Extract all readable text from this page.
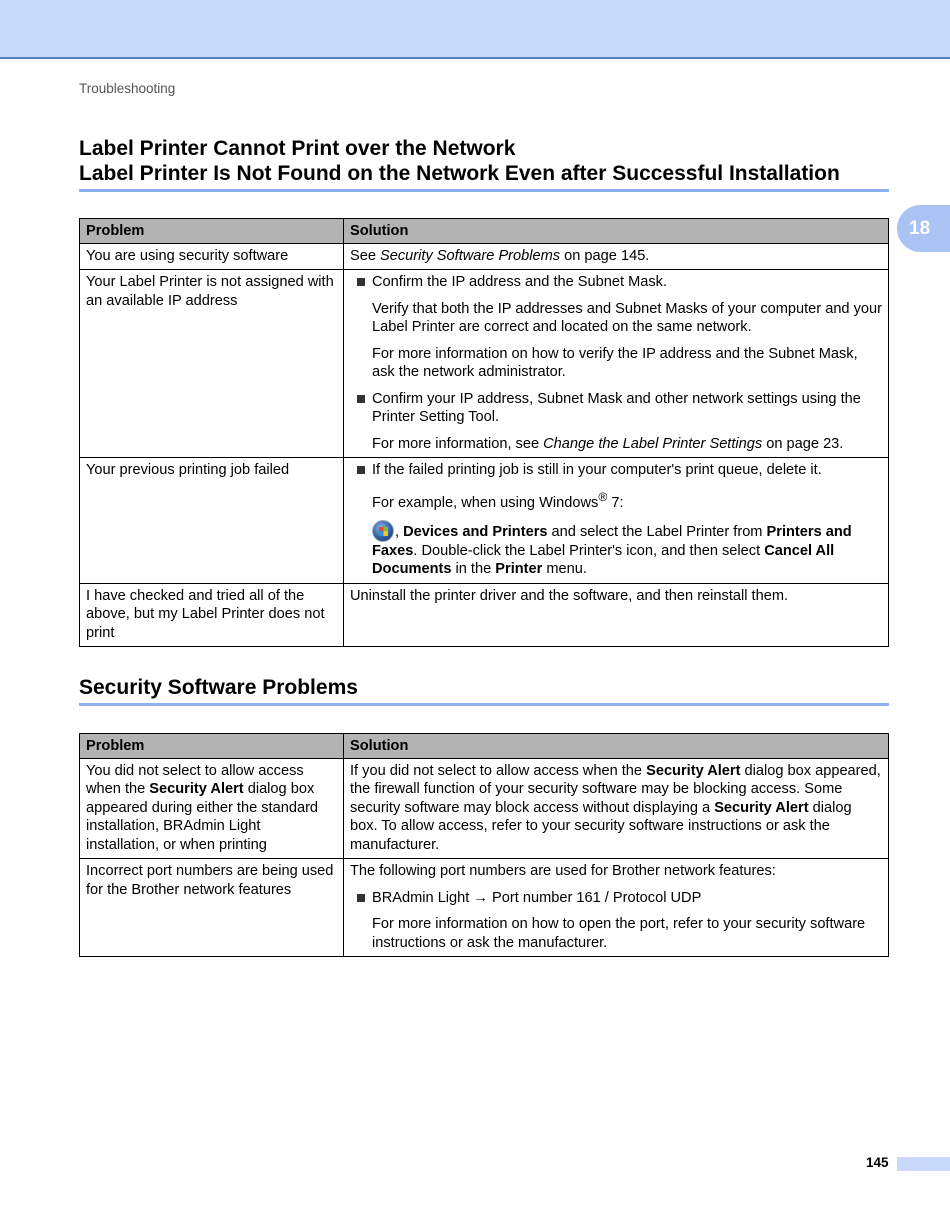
Troubleshooting
18
Label Printer Cannot Print over the Network
Label Printer Is Not Found on the Network Even after Successful Installation
Problem	Solution
You are using security software	See Security Software Problems on page 145.
Your Label Printer is not assigned with an available IP address	Confirm the IP address and the Subnet Mask.
Verify that both the IP addresses and Subnet Masks of your computer and your Label Printer are correct and located on the same network.
For more information on how to verify the IP address and the Subnet Mask, ask the network administrator.
Confirm your IP address, Subnet Mask and other network settings using the Printer Setting Tool.
For more information, see Change the Label Printer Settings on page 23.

Your previous printing job failed	If the failed printing job is still in your computer's print queue, delete it.
For example, when using Windows® 7:
, Devices and Printers and select the Label Printer from Printers and Faxes. Double-click the Label Printer's icon, and then select Cancel All Documents in the Printer menu.

I have checked and tried all of the above, but my Label Printer does not print	Uninstall the printer driver and the software, and then reinstall them.
Security Software Problems
Problem	Solution
You did not select to allow access when the Security Alert dialog box appeared during either the standard installation, BRAdmin Light installation, or when printing	If you did not select to allow access when the Security Alert dialog box appeared, the firewall function of your security software may be blocking access. Some security software may block access without displaying a Security Alert dialog box. To allow access, refer to your security software instructions or ask the manufacturer.
Incorrect port numbers are being used for the Brother network features	The following port numbers are used for Brother network features:
BRAdmin Light → Port number 161 / Protocol UDP
For more information on how to open the port, refer to your security software instructions or ask the manufacturer.
145
